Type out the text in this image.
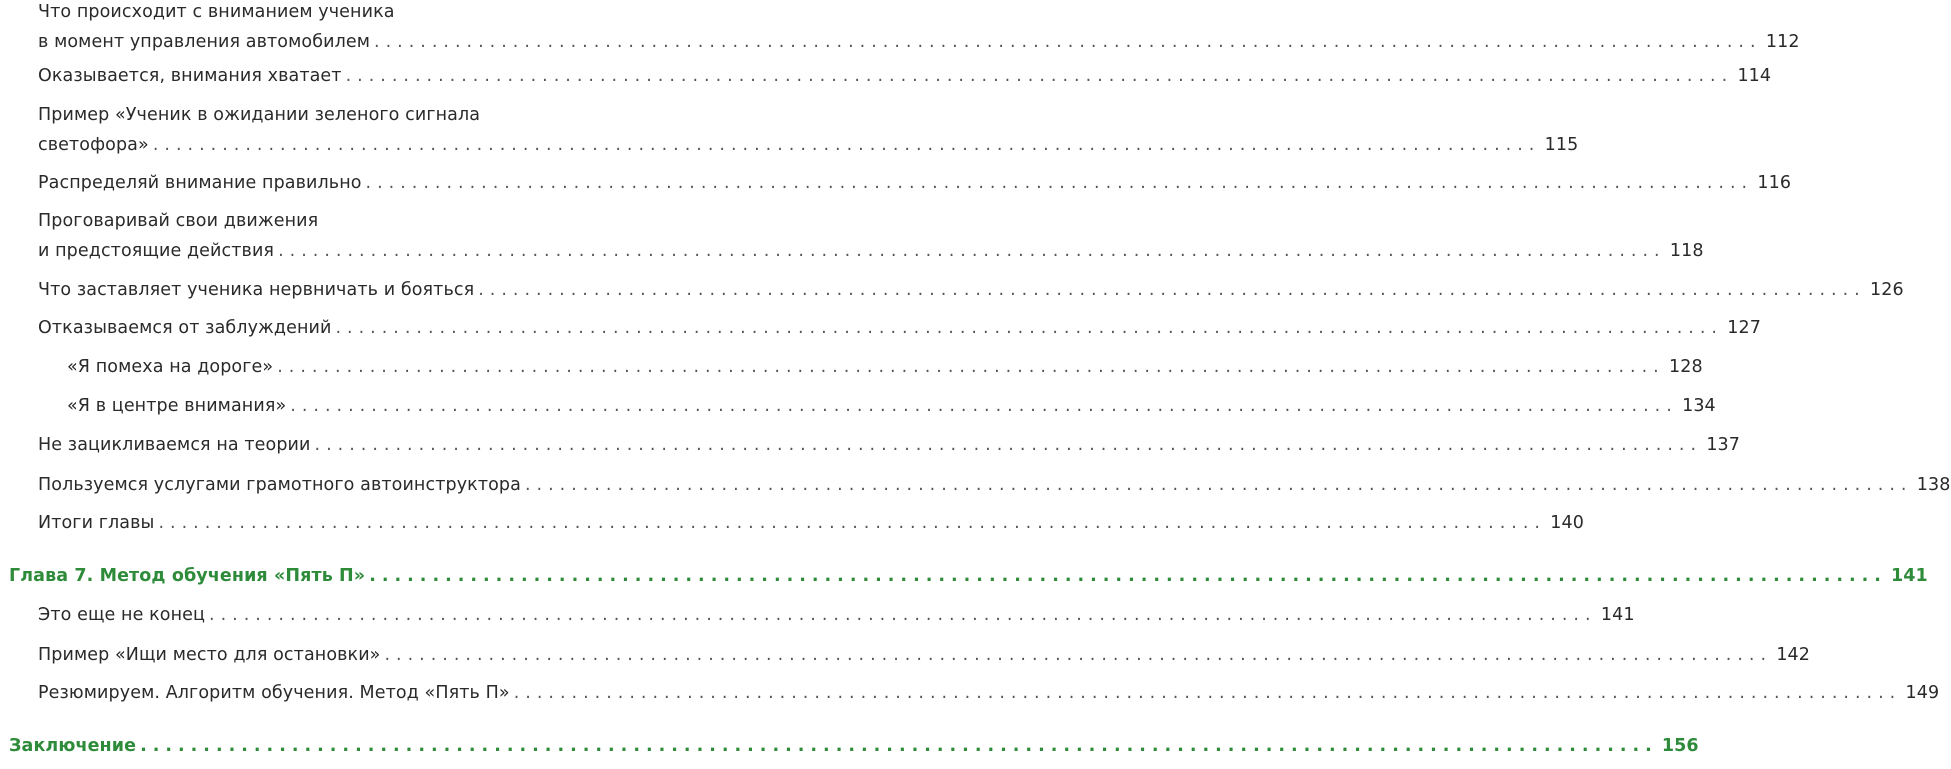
Что происходит с вниманием ученика
в момент управления автомобилем ........................................................................................................................ 112
Оказывается, внимания хватает ........................................................................................................................ 114
Пример «Ученик в ожидании зеленого сигнала
светофора» ........................................................................................................................ 115
Распределяй внимание правильно ........................................................................................................................ 116
Проговаривай свои движения
и предстоящие действия ........................................................................................................................ 118
Что заставляет ученика нервничать и бояться ........................................................................................................................ 126
Отказываемся от заблуждений ........................................................................................................................ 127
«Я помеха на дороге» ........................................................................................................................ 128
«Я в центре внимания» ........................................................................................................................ 134
Не зацикливаемся на теории ........................................................................................................................ 137
Пользуемся услугами грамотного автоинструктора ........................................................................................................................ 138
Итоги главы ........................................................................................................................ 140
Глава 7. Метод обучения «Пять П» ........................................................................................................................ 141
Это еще не конец ........................................................................................................................ 141
Пример «Ищи место для остановки» ........................................................................................................................ 142
Резюмируем. Алгоритм обучения. Метод «Пять П» ........................................................................................................................ 149
Заключение ........................................................................................................................ 156
